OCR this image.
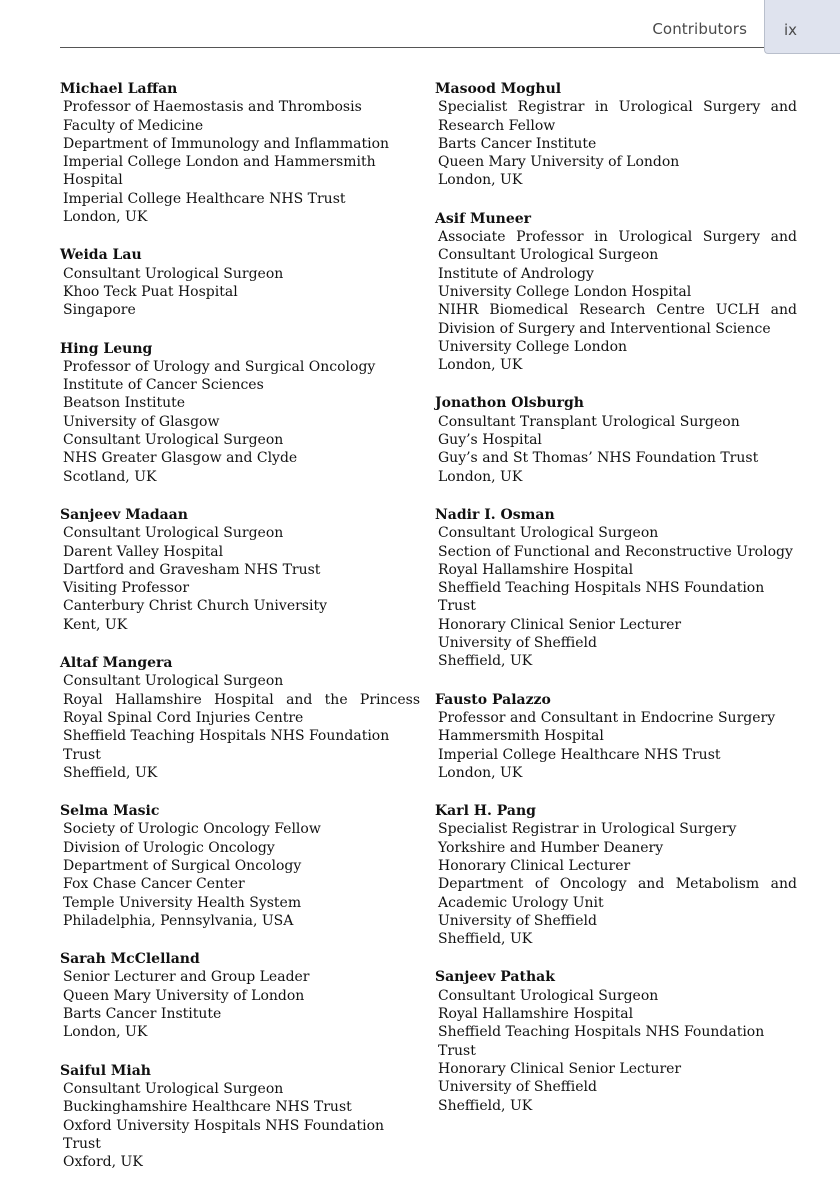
Contributors ix
Michael Laffan
Professor of Haemostasis and Thrombosis
Faculty of Medicine
Department of Immunology and Inflammation
Imperial College London and Hammersmith Hospital
Imperial College Healthcare NHS Trust
London, UK
Weida Lau
Consultant Urological Surgeon
Khoo Teck Puat Hospital
Singapore
Hing Leung
Professor of Urology and Surgical Oncology
Institute of Cancer Sciences
Beatson Institute
University of Glasgow
Consultant Urological Surgeon
NHS Greater Glasgow and Clyde
Scotland, UK
Sanjeev Madaan
Consultant Urological Surgeon
Darent Valley Hospital
Dartford and Gravesham NHS Trust
Visiting Professor
Canterbury Christ Church University
Kent, UK
Altaf Mangera
Consultant Urological Surgeon
Royal Hallamshire Hospital and the Princess Royal Spinal Cord Injuries Centre
Sheffield Teaching Hospitals NHS Foundation Trust
Sheffield, UK
Selma Masic
Society of Urologic Oncology Fellow
Division of Urologic Oncology
Department of Surgical Oncology
Fox Chase Cancer Center
Temple University Health System
Philadelphia, Pennsylvania, USA
Sarah McClelland
Senior Lecturer and Group Leader
Queen Mary University of London
Barts Cancer Institute
London, UK
Saiful Miah
Consultant Urological Surgeon
Buckinghamshire Healthcare NHS Trust
Oxford University Hospitals NHS Foundation Trust
Oxford, UK
Masood Moghul
Specialist Registrar in Urological Surgery and Research Fellow
Barts Cancer Institute
Queen Mary University of London
London, UK
Asif Muneer
Associate Professor in Urological Surgery and Consultant Urological Surgeon
Institute of Andrology
University College London Hospital
NIHR Biomedical Research Centre UCLH and Division of Surgery and Interventional Science
University College London
London, UK
Jonathon Olsburgh
Consultant Transplant Urological Surgeon
Guy’s Hospital
Guy’s and St Thomas’ NHS Foundation Trust
London, UK
Nadir I. Osman
Consultant Urological Surgeon
Section of Functional and Reconstructive Urology
Royal Hallamshire Hospital
Sheffield Teaching Hospitals NHS Foundation Trust
Honorary Clinical Senior Lecturer
University of Sheffield
Sheffield, UK
Fausto Palazzo
Professor and Consultant in Endocrine Surgery
Hammersmith Hospital
Imperial College Healthcare NHS Trust
London, UK
Karl H. Pang
Specialist Registrar in Urological Surgery
Yorkshire and Humber Deanery
Honorary Clinical Lecturer
Department of Oncology and Metabolism and Academic Urology Unit
University of Sheffield
Sheffield, UK
Sanjeev Pathak
Consultant Urological Surgeon
Royal Hallamshire Hospital
Sheffield Teaching Hospitals NHS Foundation Trust
Honorary Clinical Senior Lecturer
University of Sheffield
Sheffield, UK
